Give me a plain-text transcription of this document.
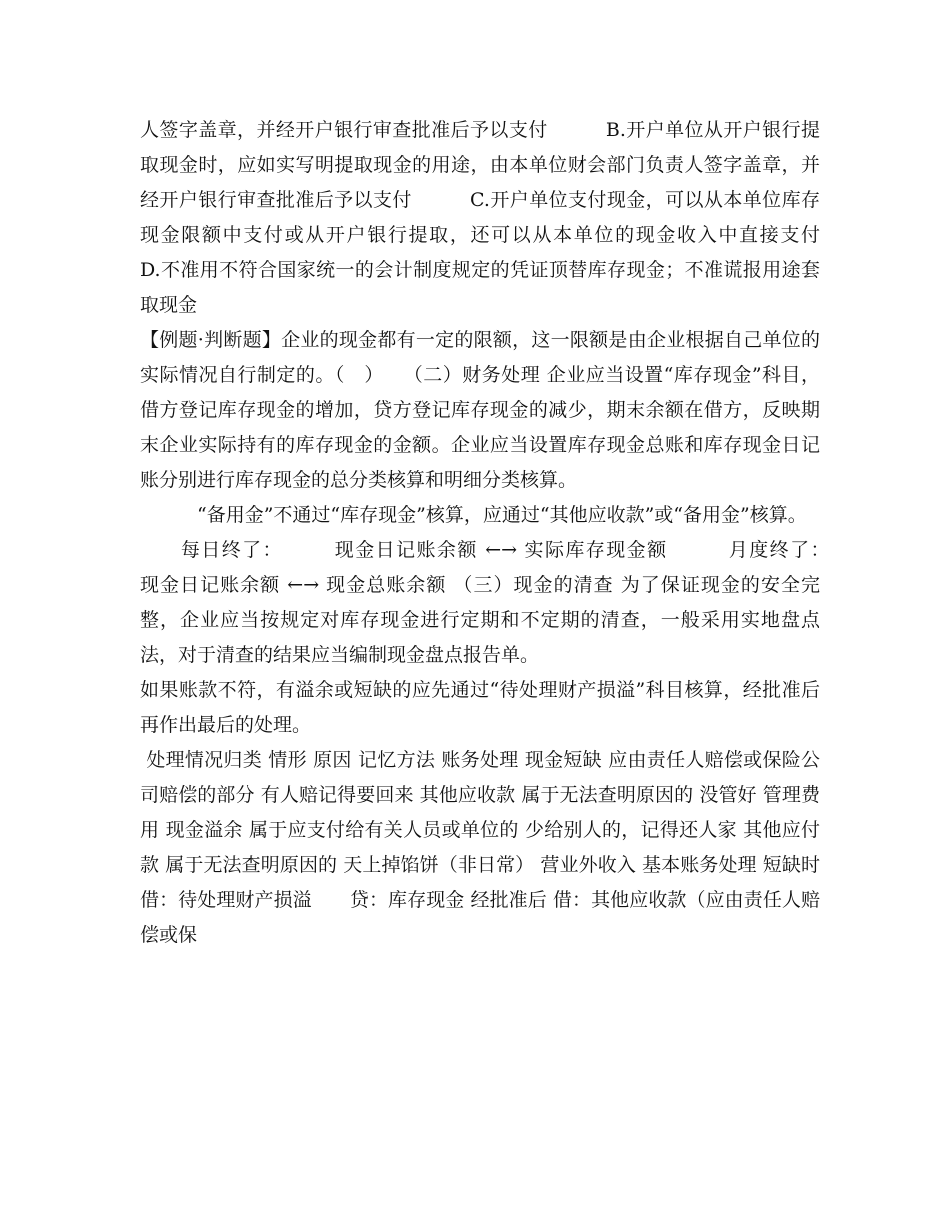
人签字盖章，并经开户银行审查批准后予以支付　　　B.开户单位从开户银行提取现金时，应如实写明提取现金的用途，由本单位财会部门负责人签字盖章，并经开户银行审查批准后予以支付　　　C.开户单位支付现金，可以从本单位库存现金限额中支付或从开户银行提取，还可以从本单位的现金收入中直接支付　　　D.不准用不符合国家统一的会计制度规定的凭证顶替库存现金；不准谎报用途套取现金

【例题·判断题】企业的现金都有一定的限额，这一限额是由企业根据自己单位的实际情况自行制定的。（　）　　（二）财务处理 企业应当设置“库存现金”科目，借方登记库存现金的增加，贷方登记库存现金的减少，期末余额在借方，反映期末企业实际持有的库存现金的金额。企业应当设置库存现金总账和库存现金日记账分别进行库存现金的总分类核算和明细分类核算。

　　　“备用金”不通过“库存现金”核算，应通过“其他应收款”或“备用金”核算。

　　每日终了：　　　现金日记账余额 ←→ 实际库存现金额　　　月度终了：　　　现金日记账余额 ←→ 现金总账余额 （三）现金的清查 为了保证现金的安全完整，企业应当按规定对库存现金进行定期和不定期的清查，一般采用实地盘点法，对于清查的结果应当编制现金盘点报告单。

如果账款不符，有溢余或短缺的应先通过“待处理财产损溢”科目核算，经批准后再作出最后的处理。

处理情况归类 情形 原因 记忆方法 账务处理 现金短缺 应由责任人赔偿或保险公司赔偿的部分 有人赔记得要回来 其他应收款 属于无法查明原因的 没管好 管理费用 现金溢余 属于应支付给有关人员或单位的 少给别人的，记得还人家 其他应付款 属于无法查明原因的 天上掉馅饼（非日常） 营业外收入 基本账务处理 短缺时 借：待处理财产损溢　　贷：库存现金 经批准后 借：其他应收款（应由责任人赔偿或保
